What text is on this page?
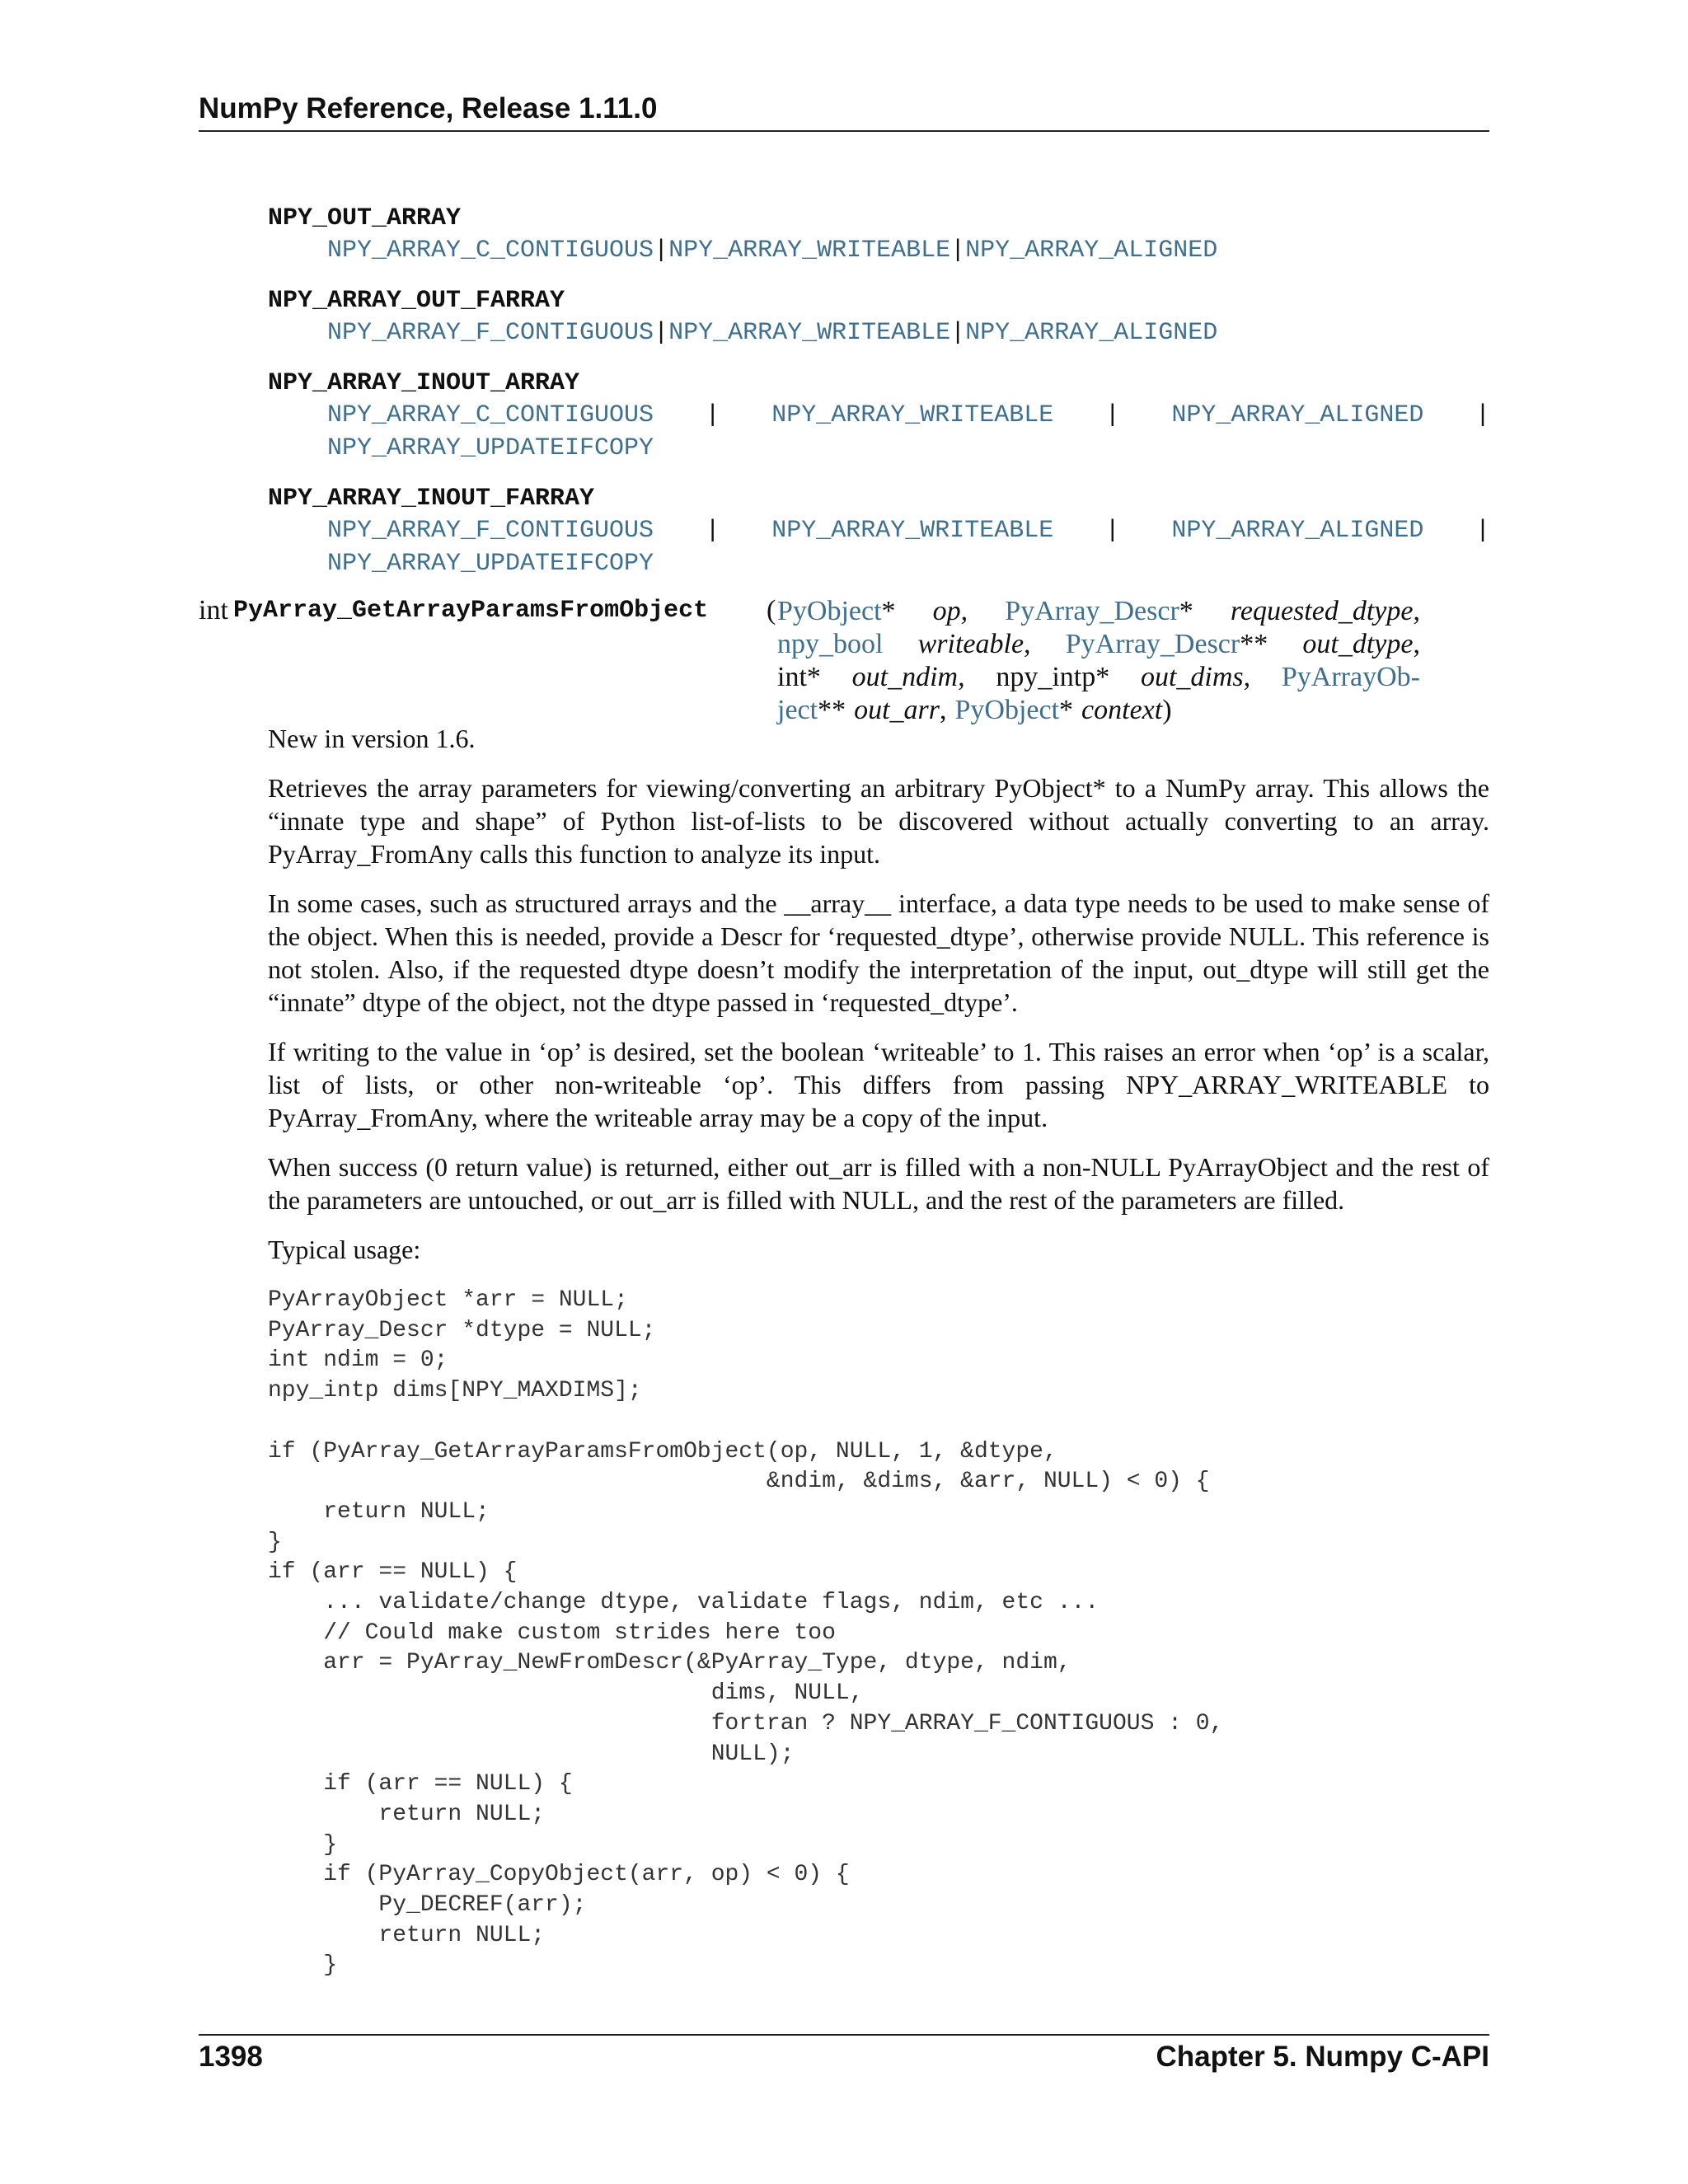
NumPy Reference, Release 1.11.0
NPY_OUT_ARRAY
NPY_ARRAY_C_CONTIGUOUS|NPY_ARRAY_WRITEABLE|NPY_ARRAY_ALIGNED
NPY_ARRAY_OUT_FARRAY
NPY_ARRAY_F_CONTIGUOUS|NPY_ARRAY_WRITEABLE|NPY_ARRAY_ALIGNED
NPY_ARRAY_INOUT_ARRAY
NPY_ARRAY_C_CONTIGUOUS | NPY_ARRAY_WRITEABLE | NPY_ARRAY_ALIGNED | NPY_ARRAY_UPDATEIFCOPY
NPY_ARRAY_INOUT_FARRAY
NPY_ARRAY_F_CONTIGUOUS | NPY_ARRAY_WRITEABLE | NPY_ARRAY_ALIGNED | NPY_ARRAY_UPDATEIFCOPY
int PyArray_GetArrayParamsFromObject ( PyObject* op, PyArray_Descr* requested_dtype,
npy_bool writeable, PyArray_Descr** out_dtype,
int* out_ndim, npy_intp* out_dims, PyArrayOb-
ject** out_arr, PyObject* context)
New in version 1.6.

Retrieves the array parameters for viewing/converting an arbitrary PyObject* to a NumPy array. This allows the “innate type and shape” of Python list-of-lists to be discovered without actually converting to an array. PyArray_FromAny calls this function to analyze its input.

In some cases, such as structured arrays and the __array__ interface, a data type needs to be used to make sense of the object. When this is needed, provide a Descr for ‘requested_dtype’, otherwise provide NULL. This reference is not stolen. Also, if the requested dtype doesn’t modify the interpretation of the input, out_dtype will still get the “innate” dtype of the object, not the dtype passed in ‘requested_dtype’.

If writing to the value in ‘op’ is desired, set the boolean ‘writeable’ to 1. This raises an error when ‘op’ is a scalar, list of lists, or other non-writeable ‘op’. This differs from passing NPY_ARRAY_WRITEABLE to PyArray_FromAny, where the writeable array may be a copy of the input.

When success (0 return value) is returned, either out_arr is filled with a non-NULL PyArrayObject and the rest of the parameters are untouched, or out_arr is filled with NULL, and the rest of the parameters are filled.

Typical usage:
PyArrayObject *arr = NULL;
PyArray_Descr *dtype = NULL;
int ndim = 0;
npy_intp dims[NPY_MAXDIMS];

if (PyArray_GetArrayParamsFromObject(op, NULL, 1, &dtype,
&ndim, &dims, &arr, NULL) < 0) {
return NULL;
}
if (arr == NULL) {
... validate/change dtype, validate flags, ndim, etc ...
// Could make custom strides here too
arr = PyArray_NewFromDescr(&PyArray_Type, dtype, ndim,
dims, NULL,
fortran ? NPY_ARRAY_F_CONTIGUOUS : 0,
NULL);
if (arr == NULL) {
return NULL;
}
if (PyArray_CopyObject(arr, op) < 0) {
Py_DECREF(arr);
return NULL;
}
1398	Chapter 5. Numpy C-API
